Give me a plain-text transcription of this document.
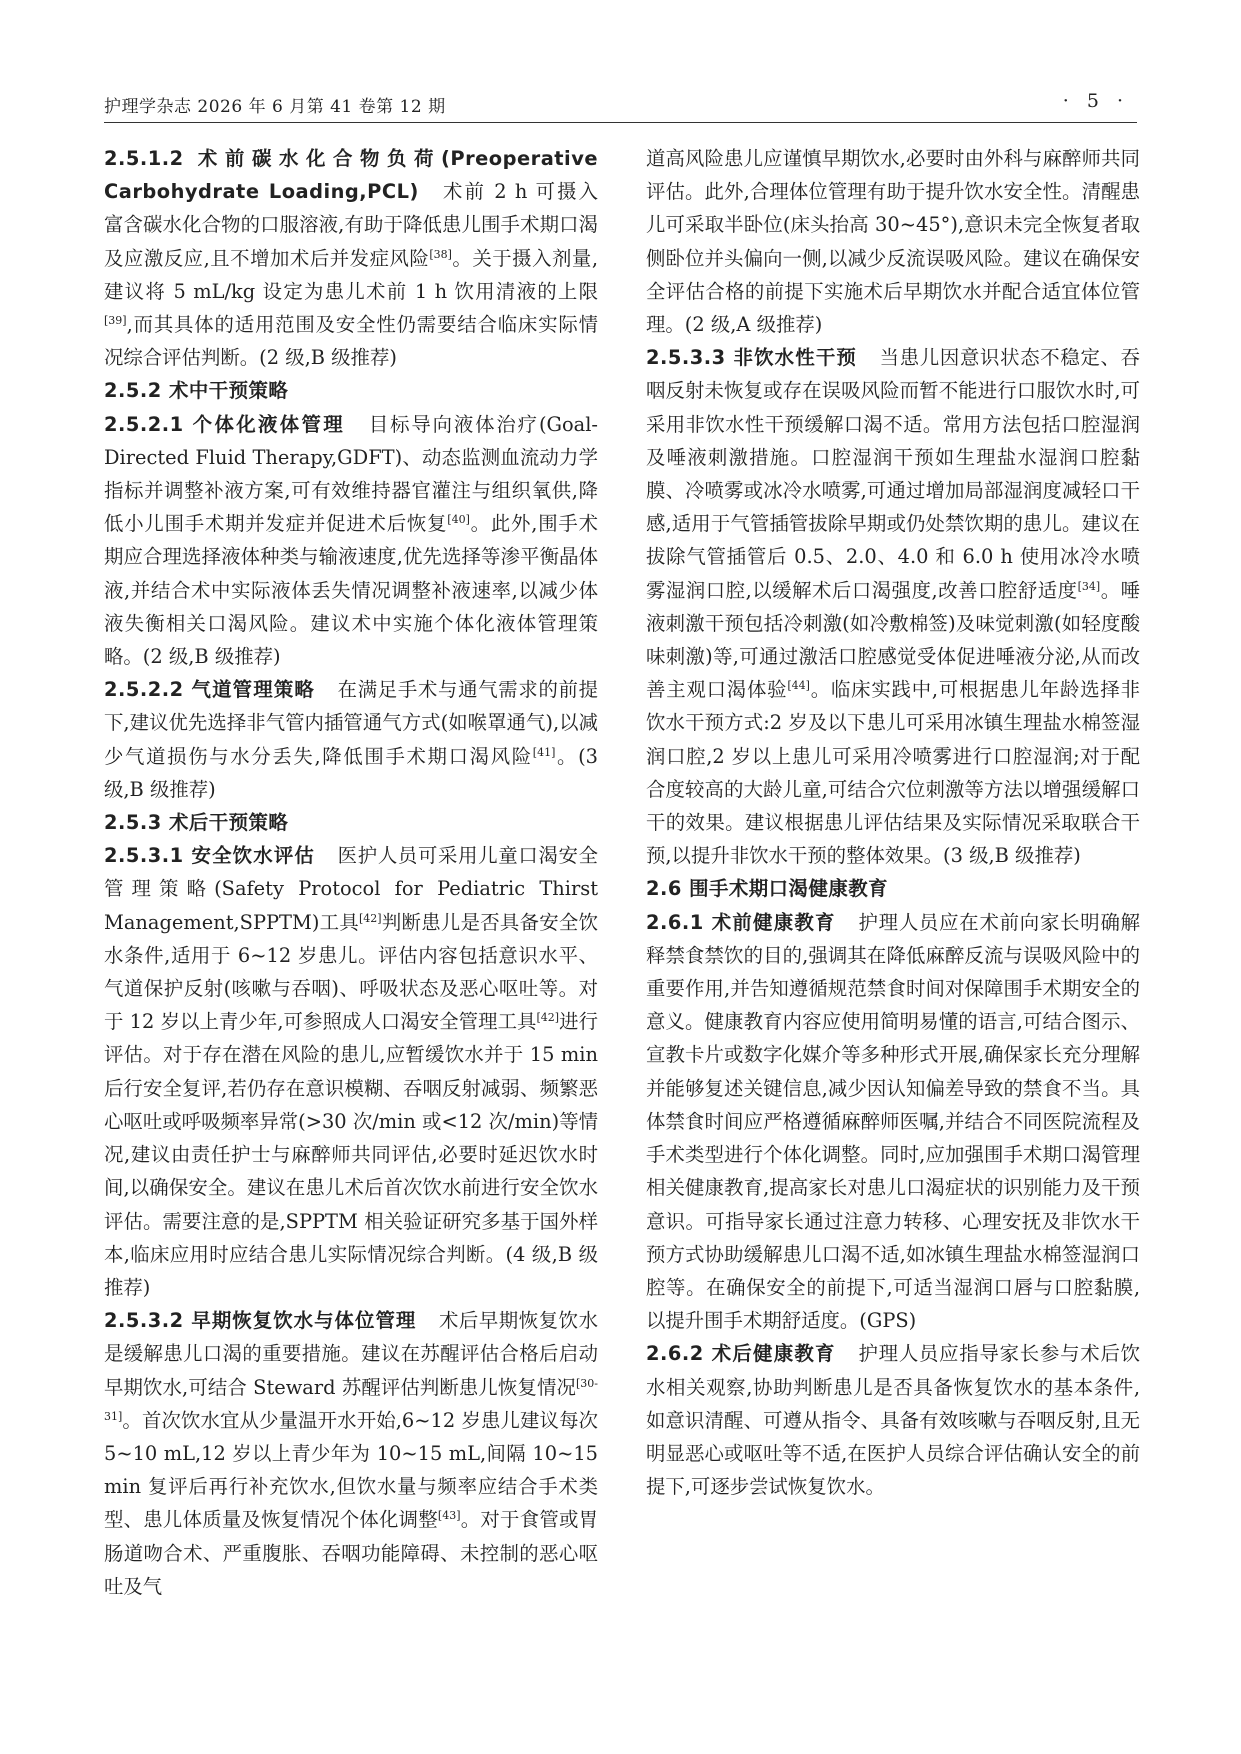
护理学杂志 2026 年 6 月第 41 卷第 12 期	· 5 ·

2.5.1.2 术前碳水化合物负荷(Preoperative Carbohydrate Loading,PCL) 术前 2 h 可摄入富含碳水化合物的口服溶液,有助于降低患儿围手术期口渴及应激反应,且不增加术后并发症风险[38]。关于摄入剂量,建议将 5 mL/kg 设定为患儿术前 1 h 饮用清液的上限[39],而其具体的适用范围及安全性仍需要结合临床实际情况综合评估判断。(2 级,B 级推荐)

2.5.2 术中干预策略

2.5.2.1 个体化液体管理 目标导向液体治疗(Goal-Directed Fluid Therapy,GDFT)、动态监测血流动力学指标并调整补液方案,可有效维持器官灌注与组织氧供,降低小儿围手术期并发症并促进术后恢复[40]。此外,围手术期应合理选择液体种类与输液速度,优先选择等渗平衡晶体液,并结合术中实际液体丢失情况调整补液速率,以减少体液失衡相关口渴风险。建议术中实施个体化液体管理策略。(2 级,B 级推荐)

2.5.2.2 气道管理策略 在满足手术与通气需求的前提下,建议优先选择非气管内插管通气方式(如喉罩通气),以减少气道损伤与水分丢失,降低围手术期口渴风险[41]。(3 级,B 级推荐)

2.5.3 术后干预策略

2.5.3.1 安全饮水评估 医护人员可采用儿童口渴安全管理策略(Safety Protocol for Pediatric Thirst Management,SPPTM)工具[42]判断患儿是否具备安全饮水条件,适用于 6~12 岁患儿。评估内容包括意识水平、气道保护反射(咳嗽与吞咽)、呼吸状态及恶心呕吐等。对于 12 岁以上青少年,可参照成人口渴安全管理工具[42]进行评估。对于存在潜在风险的患儿,应暂缓饮水并于 15 min 后行安全复评,若仍存在意识模糊、吞咽反射减弱、频繁恶心呕吐或呼吸频率异常(>30 次/min 或<12 次/min)等情况,建议由责任护士与麻醉师共同评估,必要时延迟饮水时间,以确保安全。建议在患儿术后首次饮水前进行安全饮水评估。需要注意的是,SPPTM 相关验证研究多基于国外样本,临床应用时应结合患儿实际情况综合判断。(4 级,B 级推荐)

2.5.3.2 早期恢复饮水与体位管理 术后早期恢复饮水是缓解患儿口渴的重要措施。建议在苏醒评估合格后启动早期饮水,可结合 Steward 苏醒评估判断患儿恢复情况[30-31]。首次饮水宜从少量温开水开始,6~12 岁患儿建议每次 5~10 mL,12 岁以上青少年为 10~15 mL,间隔 10~15 min 复评后再行补充饮水,但饮水量与频率应结合手术类型、患儿体质量及恢复情况个体化调整[43]。对于食管或胃肠道吻合术、严重腹胀、吞咽功能障碍、未控制的恶心呕吐及气

道高风险患儿应谨慎早期饮水,必要时由外科与麻醉师共同评估。此外,合理体位管理有助于提升饮水安全性。清醒患儿可采取半卧位(床头抬高 30~45°),意识未完全恢复者取侧卧位并头偏向一侧,以减少反流误吸风险。建议在确保安全评估合格的前提下实施术后早期饮水并配合适宜体位管理。(2 级,A 级推荐)

2.5.3.3 非饮水性干预 当患儿因意识状态不稳定、吞咽反射未恢复或存在误吸风险而暂不能进行口服饮水时,可采用非饮水性干预缓解口渴不适。常用方法包括口腔湿润及唾液刺激措施。口腔湿润干预如生理盐水湿润口腔黏膜、冷喷雾或冰冷水喷雾,可通过增加局部湿润度减轻口干感,适用于气管插管拔除早期或仍处禁饮期的患儿。建议在拔除气管插管后 0.5、2.0、4.0 和 6.0 h 使用冰冷水喷雾湿润口腔,以缓解术后口渴强度,改善口腔舒适度[34]。唾液刺激干预包括冷刺激(如冷敷棉签)及味觉刺激(如轻度酸味刺激)等,可通过激活口腔感觉受体促进唾液分泌,从而改善主观口渴体验[44]。临床实践中,可根据患儿年龄选择非饮水干预方式:2 岁及以下患儿可采用冰镇生理盐水棉签湿润口腔,2 岁以上患儿可采用冷喷雾进行口腔湿润;对于配合度较高的大龄儿童,可结合穴位刺激等方法以增强缓解口干的效果。建议根据患儿评估结果及实际情况采取联合干预,以提升非饮水干预的整体效果。(3 级,B 级推荐)

2.6 围手术期口渴健康教育

2.6.1 术前健康教育 护理人员应在术前向家长明确解释禁食禁饮的目的,强调其在降低麻醉反流与误吸风险中的重要作用,并告知遵循规范禁食时间对保障围手术期安全的意义。健康教育内容应使用简明易懂的语言,可结合图示、宣教卡片或数字化媒介等多种形式开展,确保家长充分理解并能够复述关键信息,减少因认知偏差导致的禁食不当。具体禁食时间应严格遵循麻醉师医嘱,并结合不同医院流程及手术类型进行个体化调整。同时,应加强围手术期口渴管理相关健康教育,提高家长对患儿口渴症状的识别能力及干预意识。可指导家长通过注意力转移、心理安抚及非饮水干预方式协助缓解患儿口渴不适,如冰镇生理盐水棉签湿润口腔等。在确保安全的前提下,可适当湿润口唇与口腔黏膜,以提升围手术期舒适度。(GPS)

2.6.2 术后健康教育 护理人员应指导家长参与术后饮水相关观察,协助判断患儿是否具备恢复饮水的基本条件,如意识清醒、可遵从指令、具备有效咳嗽与吞咽反射,且无明显恶心或呕吐等不适,在医护人员综合评估确认安全的前提下,可逐步尝试恢复饮水。
